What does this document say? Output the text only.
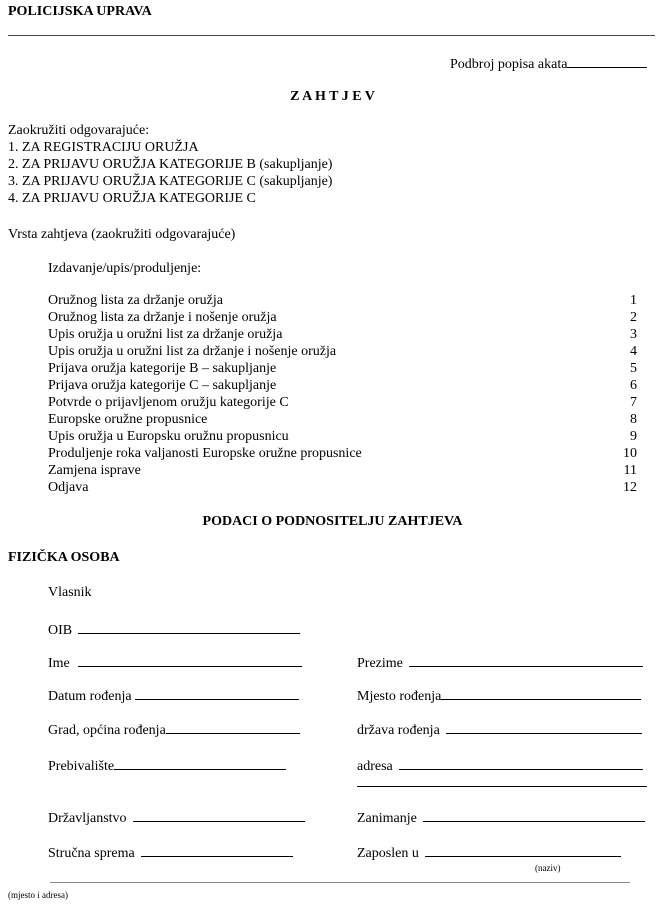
POLICIJSKA UPRAVA
Podbroj popisa akata
Z A H T J E V
Zaokružiti odgovarajuće:
1. ZA REGISTRACIJU ORUŽJA
2. ZA PRIJAVU ORUŽJA KATEGORIJE B (sakupljanje)
3. ZA PRIJAVU ORUŽJA KATEGORIJE C (sakupljanje)
4. ZA PRIJAVU ORUŽJA KATEGORIJE C
Vrsta zahtjeva (zaokružiti odgovarajuće)
Izdavanje/upis/produljenje:
Oružnog lista za držanje oružja	1
Oružnog lista za držanje i nošenje oružja	2
Upis oružja u oružni list za držanje oružja	3
Upis oružja u oružni list za držanje i nošenje oružja	4
Prijava oružja kategorije B – sakupljanje	5
Prijava oružja kategorije C – sakupljanje	6
Potvrde o prijavljenom oružju kategorije C	7
Europske oružne propusnice	8
Upis oružja u Europsku oružnu propusnicu	9
Produljenje roka valjanosti Europske oružne propusnice	10
Zamjena isprave	11
Odjava	12
PODACI O PODNOSITELJU ZAHTJEVA
FIZIČKA OSOBA
Vlasnik
OIB
Ime	Prezime
Datum rođenja	Mjesto rođenja
Grad, općina rođenja	država rođenja
Prebivalište	adresa
Državljanstvo	Zanimanje
Stručna sprema	Zaposlen u
(naziv)
(mjesto i adresa)
